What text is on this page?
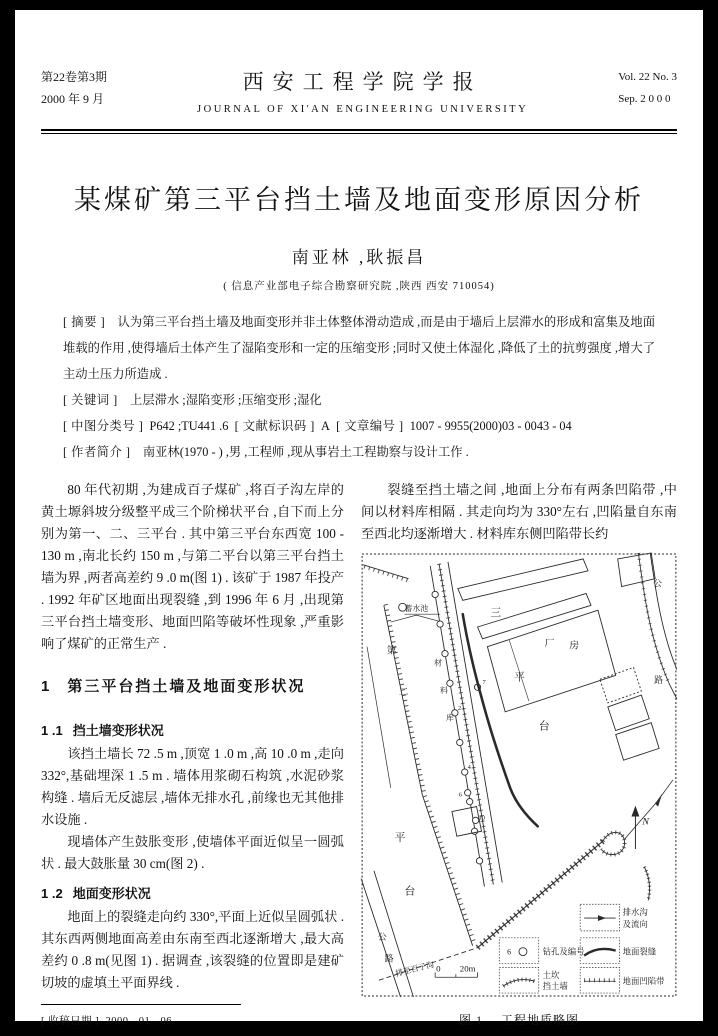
第22卷第3期
2000 年 9 月
西安工程学院学报
JOURNAL OF XI'AN ENGINEERING UNIVERSITY
Vol. 22 No. 3
Sep. 2 0 0 0
某煤矿第三平台挡土墙及地面变形原因分析
南亚林 ,耿振昌
( 信息产业部电子综合勘察研究院 ,陕西 西安 710054)

[ 摘要 ] 认为第三平台挡土墙及地面变形并非土体整体滑动造成 ,而是由于墙后上层滞水的形成和富集及地面堆载的作用 ,使得墙后土体产生了湿陷变形和一定的压缩变形 ;同时又使土体湿化 ,降低了土的抗剪强度 ,增大了主动土压力所造成 .

[ 关键词 ] 上层滞水 ;湿陷变形 ;压缩变形 ;湿化

[ 中图分类号 ] P642 ;TU441 .6 [ 文献标识码 ] A [ 文章编号 ] 1007 - 9955(2000)03 - 0043 - 04

[ 作者简介 ] 南亚林(1970 - ) ,男 ,工程师 ,现从事岩土工程勘察与设计工作 .

80 年代初期 ,为建成百子煤矿 ,将百子沟左岸的黄土塬斜坡分级整平成三个阶梯状平台 ,自下而上分别为第一、二、三平台 . 其中第三平台东西宽 100 - 130 m ,南北长约 150 m ,与第二平台以第三平台挡土墙为界 ,两者高差约 9 .0 m(图 1) . 该矿于 1987 年投产 . 1992 年矿区地面出现裂缝 ,到 1996 年 6 月 ,出现第三平台挡土墙变形、地面凹陷等破坏性现象 ,严重影响了煤矿的正常生产 .

1 第三平台挡土墙及地面变形状况
1 .1 挡土墙变形状况

该挡土墙长 72 .5 m ,顶宽 1 .0 m ,高 10 .0 m ,走向 332°,基础埋深 1 .5 m . 墙体用浆砌石构筑 ,水泥砂浆构缝 . 墙后无反滤层 ,墙体无排水孔 ,前缘也无其他排水设施 .

现墙体产生鼓胀变形 ,使墙体平面近似呈一圆弧状 . 最大鼓胀量 30 cm(图 2) .

1 .2 地面变形状况

地面上的裂缝走向约 330°,平面上近似呈圆弧状 . 其东西两侧地面高差由东南至西北逐渐增大 ,最大高差约 0 .8 m(见图 1) . 据调查 ,该裂缝的位置即是建矿切坡的虚填土平面界线 .

[ 收稿日期 ] 2000 - 01 - 06

裂缝至挡土墙之间 ,地面上分布有两条凹陷带 ,中间以材料库相隔 . 其走向均为 330°左右 ,凹陷量自东南至西北均逐渐增大 . 材料库东侧凹陷带长约

蓄水池
第
二
平
台
材
料
库
三
平
台
厂 房
公
路
公
路
N
排至百子沟
2
4
7
6
10
排水沟
及流向
6	钻孔及编号	地面裂缝
土坎
挡土墙
地面凹陷带
0 20m
图 1 工程地质略图
